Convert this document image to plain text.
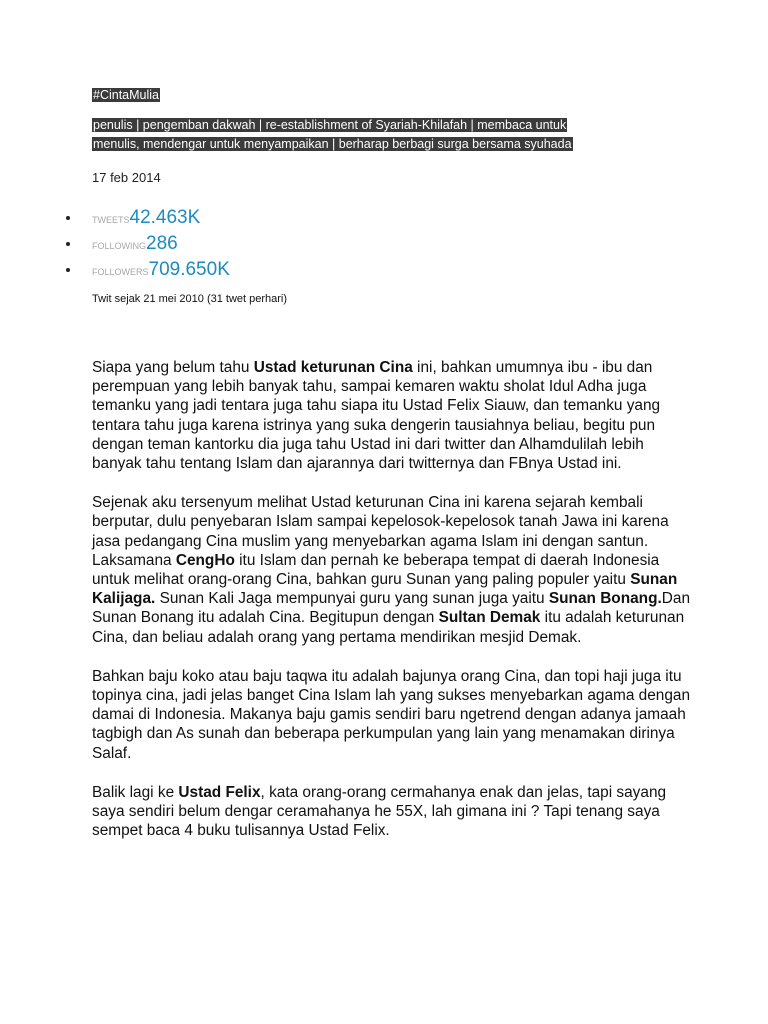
#CintaMulia
penulis | pengemban dakwah | re-establishment of Syariah-Khilafah | membaca untuk
menulis, mendengar untuk menyampaikan | berharap berbagi surga bersama syuhada
17 feb 2014
TWEETS 42.463K
FOLLOWING 286
FOLLOWERS 709.650K
Twit sejak 21 mei 2010 (31 twet perhari)

Siapa yang belum tahu Ustad keturunan Cina ini, bahkan umumnya ibu - ibu dan perempuan yang lebih banyak tahu, sampai kemaren waktu sholat Idul Adha juga temanku yang jadi tentara juga tahu siapa itu Ustad Felix Siauw, dan temanku yang tentara tahu juga karena istrinya yang suka dengerin tausiahnya beliau, begitu pun dengan teman kantorku dia juga tahu Ustad ini dari twitter dan Alhamdulilah lebih banyak tahu tentang Islam dan ajarannya dari twitternya dan FBnya Ustad ini.

Sejenak aku tersenyum melihat Ustad keturunan Cina ini karena sejarah kembali berputar, dulu penyebaran Islam sampai kepelosok-kepelosok tanah Jawa ini karena jasa pedangang Cina muslim yang menyebarkan agama Islam ini dengan santun. Laksamana CengHo itu Islam dan pernah ke beberapa tempat di daerah Indonesia untuk melihat orang-orang Cina, bahkan guru Sunan yang paling populer yaitu Sunan Kalijaga. Sunan Kali Jaga mempunyai guru yang sunan juga yaitu Sunan Bonang.Dan Sunan Bonang itu adalah Cina. Begitupun dengan Sultan Demak itu adalah keturunan Cina, dan beliau adalah orang yang pertama mendirikan mesjid Demak.

Bahkan baju koko atau baju taqwa itu adalah bajunya orang Cina, dan topi haji juga itu topinya cina, jadi jelas banget Cina Islam lah yang sukses menyebarkan agama dengan damai di Indonesia. Makanya baju gamis sendiri baru ngetrend dengan adanya jamaah tagbigh dan As sunah dan beberapa perkumpulan yang lain yang menamakan dirinya Salaf.

Balik lagi ke Ustad Felix, kata orang-orang cermahanya enak dan jelas, tapi sayang saya sendiri belum dengar ceramahanya he 55X, lah gimana ini ? Tapi tenang saya sempet baca 4 buku tulisannya Ustad Felix.
